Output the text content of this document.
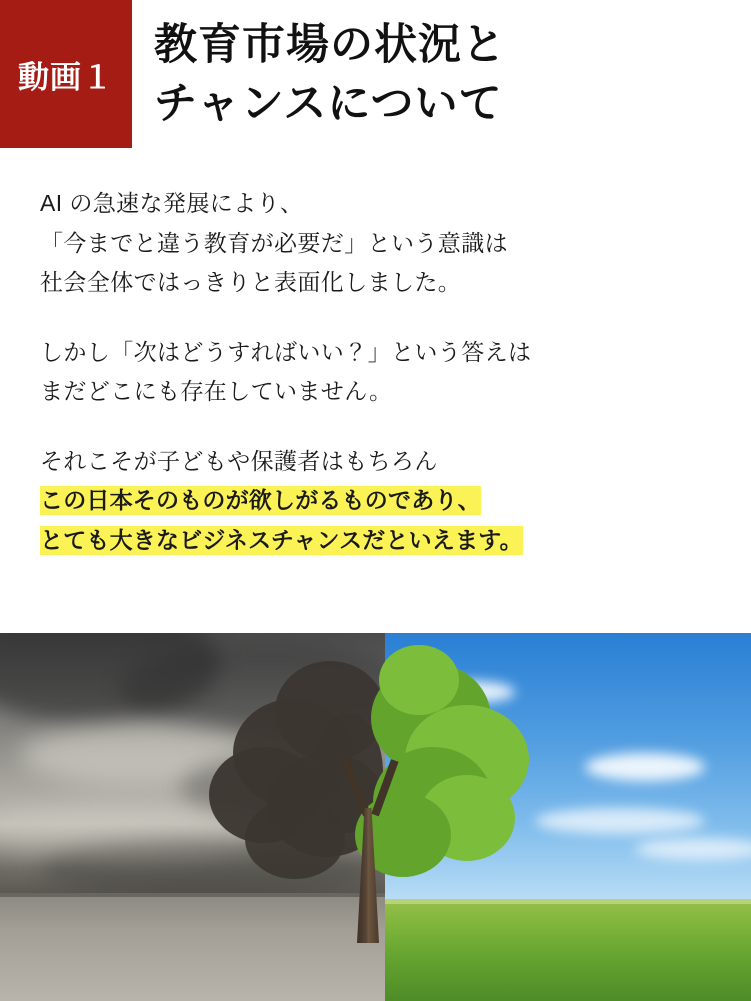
動画１
教育市場の状況と
チャンスについて
AI の急速な発展により、
「今までと違う教育が必要だ」という意識は
社会全体ではっきりと表面化しました。
しかし「次はどうすればいい？」という答えは
まだどこにも存在していません。
それこそが子どもや保護者はもちろん
この日本そのものが欲しがるものであり、
とても大きなビジネスチャンスだといえます。
